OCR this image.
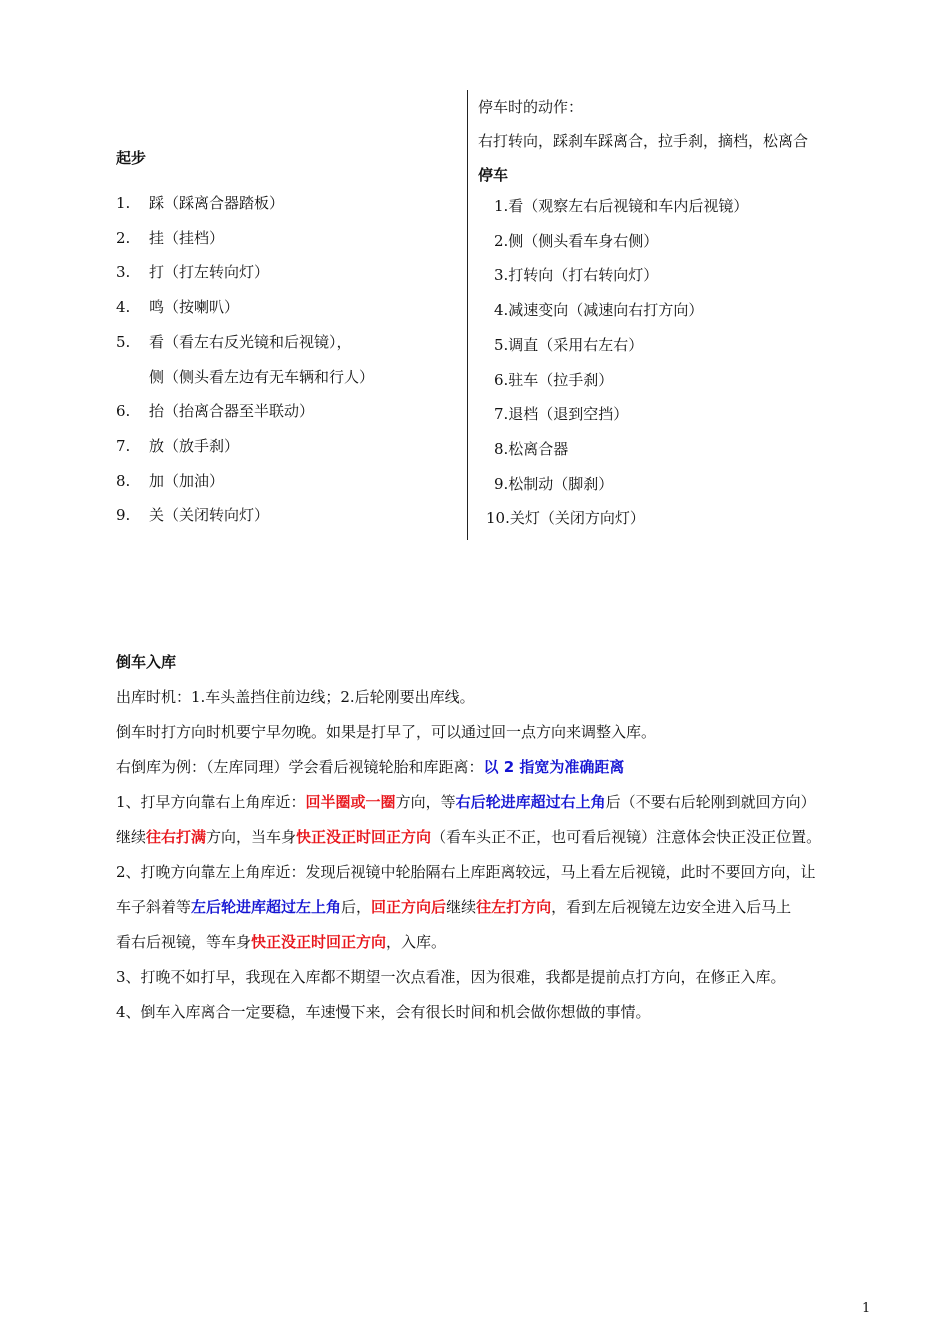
起步

1. 踩（踩离合器踏板）

2. 挂（挂档）

3. 打（打左转向灯）

4. 鸣（按喇叭）

5. 看（看左右反光镜和后视镜），

侧（侧头看左边有无车辆和行人）

6. 抬（抬离合器至半联动）

7. 放（放手刹）

8. 加（加油）

9. 关（关闭转向灯）

停车时的动作：

右打转向，踩刹车踩离合，拉手刹，摘档，松离合

停车

1.看（观察左右后视镜和车内后视镜）

2.侧（侧头看车身右侧）

3.打转向（打右转向灯）

4.减速变向（减速向右打方向）

5.调直（采用右左右）

6.驻车（拉手刹）

7.退档（退到空挡）

8.松离合器

9.松制动（脚刹）

10.关灯（关闭方向灯）

倒车入库

出库时机：1.车头盖挡住前边线；2.后轮刚要出库线。

倒车时打方向时机要宁早勿晚。如果是打早了，可以通过回一点方向来调整入库。

右倒库为例：（左库同理）学会看后视镜轮胎和库距离：以 2 指宽为准确距离

1、打早方向靠右上角库近：回半圈或一圈方向，等右后轮进库超过右上角后（不要右后轮刚到就回方向）

继续往右打满方向，当车身快正没正时回正方向（看车头正不正，也可看后视镜）注意体会快正没正位置。

2、打晚方向靠左上角库近：发现后视镜中轮胎隔右上库距离较远，马上看左后视镜，此时不要回方向，让

车子斜着等左后轮进库超过左上角后，回正方向后继续往左打方向，看到左后视镜左边安全进入后马上

看右后视镜，等车身快正没正时回正方向，入库。

3、打晚不如打早，我现在入库都不期望一次点看准，因为很难，我都是提前点打方向，在修正入库。

4、倒车入库离合一定要稳，车速慢下来，会有很长时间和机会做你想做的事情。

1
